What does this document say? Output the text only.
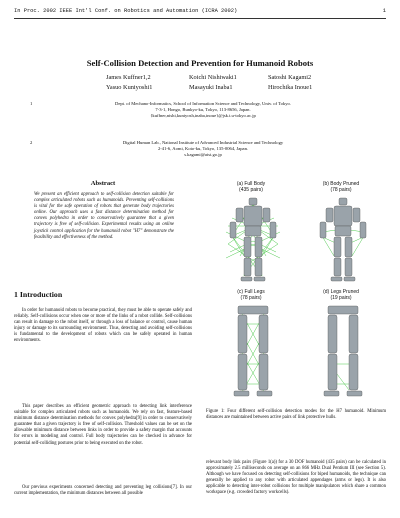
In Proc. 2002 IEEE Int'l Conf. on Robotics and Automation (ICRA 2002)	1
Self-Collision Detection and Prevention for Humanoid Robots
James Kuffner1,2	Koichi Nishiwaki1	Satoshi Kagami2
Yasuo Kuniyoshi1	Masayuki Inaba1	Hirochika Inoue1
1	Dept. of Mechano-Informatics, School of Information Science and Technology, Univ. of Tokyo.
7-3-1, Hongo, Bunkyo-ku, Tokyo, 113-8656, Japan.
{kuffner,nishi,kuniyosh,inaba,inoue}@jsk.t.u-tokyo.ac.jp
2	Digital Human Lab., National Institute of Advanced Industrial Science and Technology
2-41-6, Aomi, Koto-ku, Tokyo, 135-0064, Japan.
s.kagami@aist.go.jp
Abstract
We present an efficient approach to self-collision detection suitable for complex articulated robots such as humanoids. Preventing self-collisions is vital for the safe operation of robots that generate body trajectories online. Our approach uses a fast distance determination method for convex polyhedra in order to conservatively guarantee that a given trajectory is free of self-collision. Experimental results using an online joystick control application for the humanoid robot "H7" demonstrate the feasibility and effectiveness of the method.
1 Introduction
In order for humanoid robots to become practical, they must be able to operate safely and reliably. Self-collisions occur when one or more of the links of a robot collide. Self-collisions can result in damage to the robot itself, or through a loss of balance or control, cause human injury or damage to its surrounding environment. Thus, detecting and avoiding self-collisions is fundamental to the development of robots which can be safely operated in human environments.
This paper describes an efficient geometric approach to detecting link interference suitable for complex articulated robots such as humanoids. We rely on fast, feature-based minimum distance determination methods for convex polyhedra[9] in order to conservatively guarantee that a given trajectory is free of self-collision. Threshold values can be set on the allowable minimum distance between links in order to provide a safety margin that accounts for errors in modeling and control. Full body trajectories can be checked in advance for potential self-colliding postures prior to being executed on the robot.
Our previous experiments concerned detecting and preventing leg collisions[7]. In our current implementation, the minimum distances between all possible
(a) Full Body
(435 pairs)
(b) Body Pruned
(78 pairs)
(c) Full Legs
(78 pairs)
(d) Legs Pruned
(19 pairs)
Figure 1: Four different self-collision detection modes for the H7 humanoid. Minimum distances are maintained between active pairs of link protective hulls.
relevant body link pairs (Figure 1(a)) for a 30 DOF humanoid (435 pairs) can be calculated in approximately 2.5 milliseconds on average on an 866 MHz Dual Pentium III (see Section 5). Although we have focused on detecting self-collisions for biped humanoids, the technique can generally be applied to any robot with articulated appendages (arms or legs). It is also applicable to detecting inter-robot collisions for multiple manipulators which share a common workspace (e.g. crowded factory workcells).
